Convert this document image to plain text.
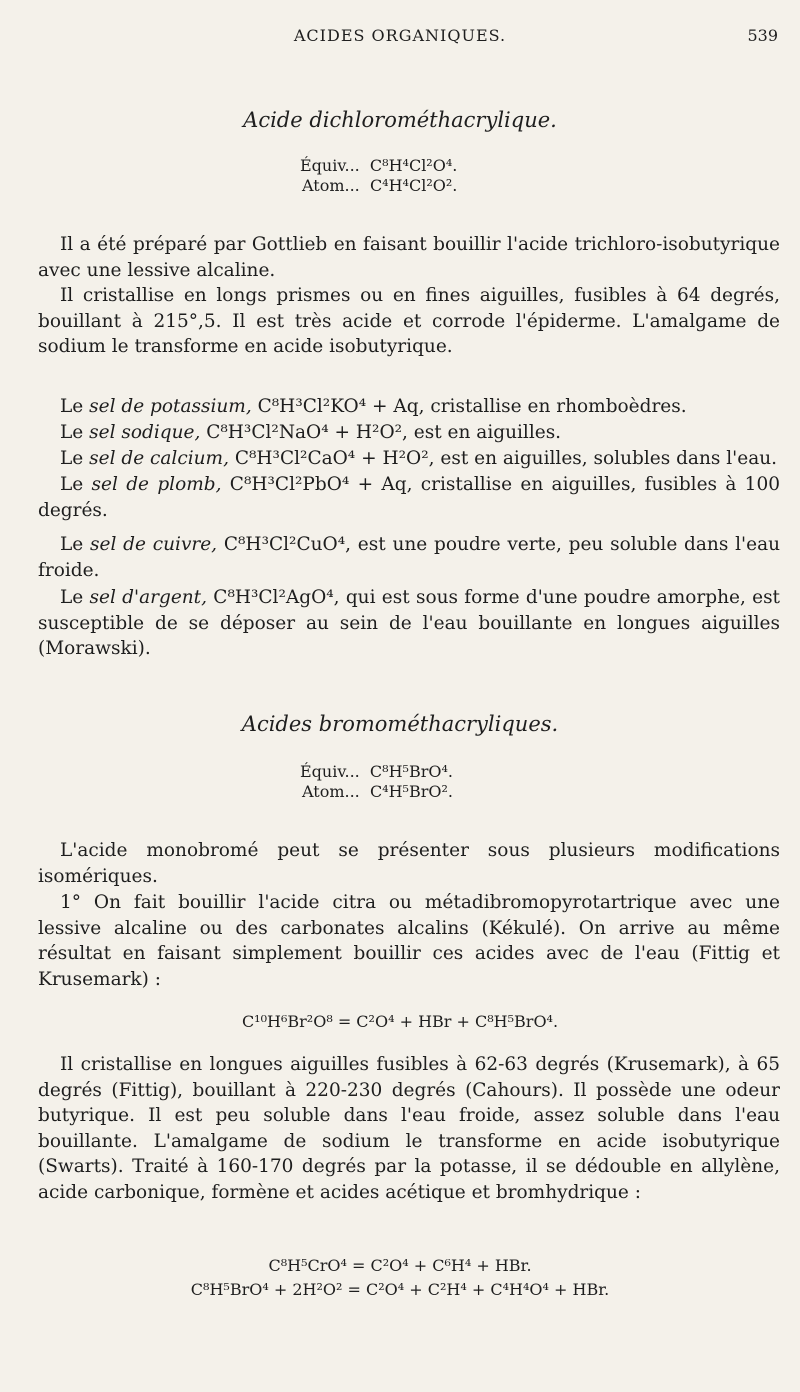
ACIDES ORGANIQUES.	539
Acide dichlorométhacrylique.
Équiv... C⁸H⁴Cl²O⁴.
Atom... C⁴H⁴Cl²O².
Il a été préparé par Gottlieb en faisant bouillir l'acide trichloro-isobutyrique avec une lessive alcaline.
Il cristallise en longs prismes ou en fines aiguilles, fusibles à 64 degrés, bouillant à 215°,5. Il est très acide et corrode l'épiderme. L'amalgame de sodium le transforme en acide isobutyrique.
Le sel de potassium, C⁸H³Cl²KO⁴ + Aq, cristallise en rhomboèdres.
Le sel sodique, C⁸H³Cl²NaO⁴ + H²O², est en aiguilles.
Le sel de calcium, C⁸H³Cl²CaO⁴ + H²O², est en aiguilles, solubles dans l'eau.
Le sel de plomb, C⁸H³Cl²PbO⁴ + Aq, cristallise en aiguilles, fusibles à 100 degrés.
Le sel de cuivre, C⁸H³Cl²CuO⁴, est une poudre verte, peu soluble dans l'eau froide.
Le sel d'argent, C⁸H³Cl²AgO⁴, qui est sous forme d'une poudre amorphe, est susceptible de se déposer au sein de l'eau bouillante en longues aiguilles (Morawski).
Acides bromométhacryliques.
Équiv... C⁸H⁵BrO⁴.
Atom... C⁴H⁵BrO².
L'acide monobromé peut se présenter sous plusieurs modifications isomériques.
1° On fait bouillir l'acide citra ou métadibromopyrotartrique avec une lessive alcaline ou des carbonates alcalins (Kékulé). On arrive au même résultat en faisant simplement bouillir ces acides avec de l'eau (Fittig et Krusemark) :
C¹⁰H⁶Br²O⁸ = C²O⁴ + HBr + C⁸H⁵BrO⁴.
Il cristallise en longues aiguilles fusibles à 62-63 degrés (Krusemark), à 65 degrés (Fittig), bouillant à 220-230 degrés (Cahours). Il possède une odeur butyrique. Il est peu soluble dans l'eau froide, assez soluble dans l'eau bouillante. L'amalgame de sodium le transforme en acide isobutyrique (Swarts). Traité à 160-170 degrés par la potasse, il se dédouble en allylène, acide carbonique, formène et acides acétique et bromhydrique :
C⁸H⁵CrO⁴ = C²O⁴ + C⁶H⁴ + HBr.
C⁸H⁵BrO⁴ + 2H²O² = C²O⁴ + C²H⁴ + C⁴H⁴O⁴ + HBr.
